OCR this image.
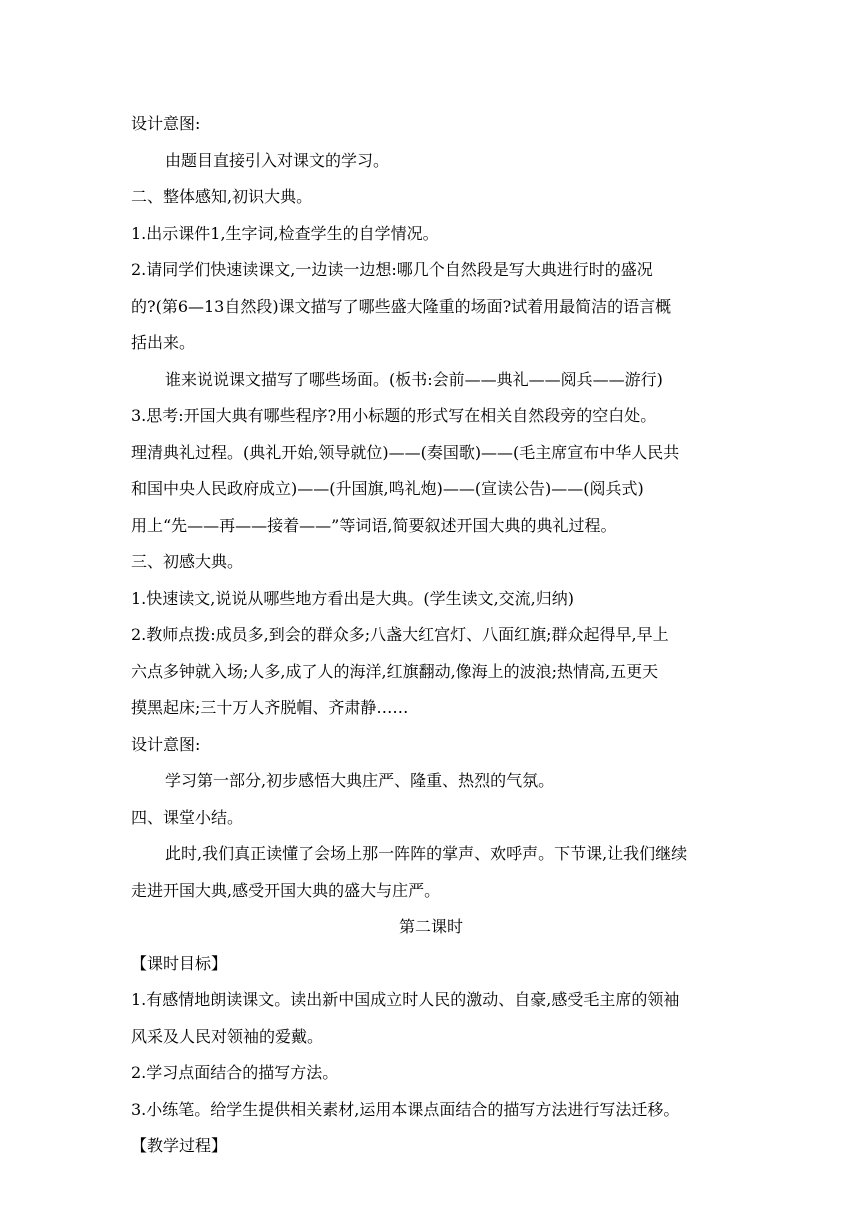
设计意图:
由题目直接引入对课文的学习。
二、整体感知,初识大典。
1.出示课件1,生字词,检查学生的自学情况。
2.请同学们快速读课文,一边读一边想:哪几个自然段是写大典进行时的盛况
的?(第6—13自然段)课文描写了哪些盛大隆重的场面?试着用最简洁的语言概
括出来。
谁来说说课文描写了哪些场面。(板书:会前——典礼——阅兵——游行)
3.思考:开国大典有哪些程序?用小标题的形式写在相关自然段旁的空白处。
理清典礼过程。(典礼开始,领导就位)——(奏国歌)——(毛主席宣布中华人民共
和国中央人民政府成立)——(升国旗,鸣礼炮)——(宣读公告)——(阅兵式)
用上“先——再——接着——”等词语,简要叙述开国大典的典礼过程。
三、初感大典。
1.快速读文,说说从哪些地方看出是大典。(学生读文,交流,归纳)
2.教师点拨:成员多,到会的群众多;八盏大红宫灯、八面红旗;群众起得早,早上
六点多钟就入场;人多,成了人的海洋,红旗翻动,像海上的波浪;热情高,五更天
摸黑起床;三十万人齐脱帽、齐肃静……
设计意图:
学习第一部分,初步感悟大典庄严、隆重、热烈的气氛。
四、课堂小结。
此时,我们真正读懂了会场上那一阵阵的掌声、欢呼声。下节课,让我们继续
走进开国大典,感受开国大典的盛大与庄严。
第二课时
【课时目标】
1.有感情地朗读课文。读出新中国成立时人民的激动、自豪,感受毛主席的领袖
风采及人民对领袖的爱戴。
2.学习点面结合的描写方法。
3.小练笔。给学生提供相关素材,运用本课点面结合的描写方法进行写法迁移。
【教学过程】
